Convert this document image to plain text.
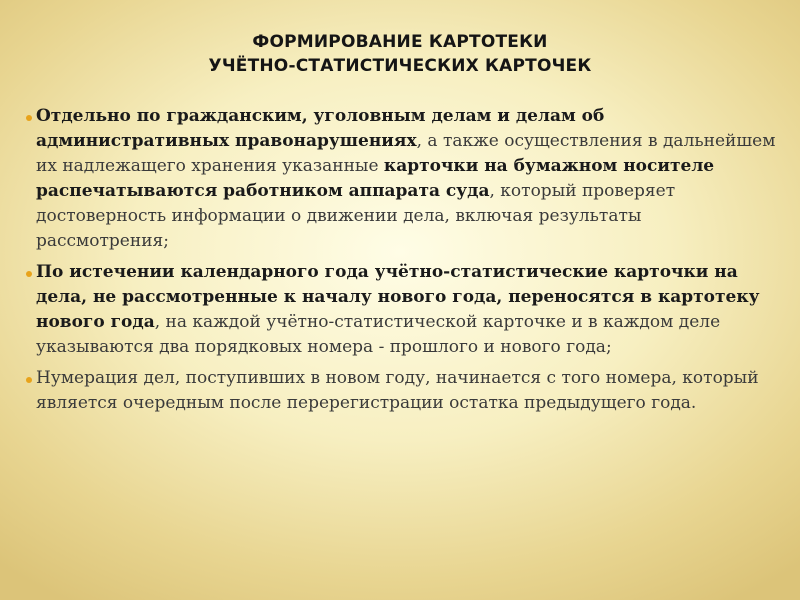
ФОРМИРОВАНИЕ КАРТОТЕКИ
УЧЁТНО-СТАТИСТИЧЕСКИХ КАРТОЧЕК
Отдельно по гражданским, уголовным делам и делам об административных правонарушениях, а также осуществления в дальнейшем их надлежащего хранения указанные карточки на бумажном носителе распечатываются работником аппарата суда, который проверяет достоверность информации о движении дела, включая результаты рассмотрения;
По истечении календарного года учётно-статистические карточки на дела, не рассмотренные к началу нового года, переносятся в картотеку нового года, на каждой учётно-статистической карточке и в каждом деле указываются два порядковых номера - прошлого и нового года;
Нумерация дел, поступивших в новом году, начинается с того номера, который является очередным после перерегистрации остатка предыдущего года.
